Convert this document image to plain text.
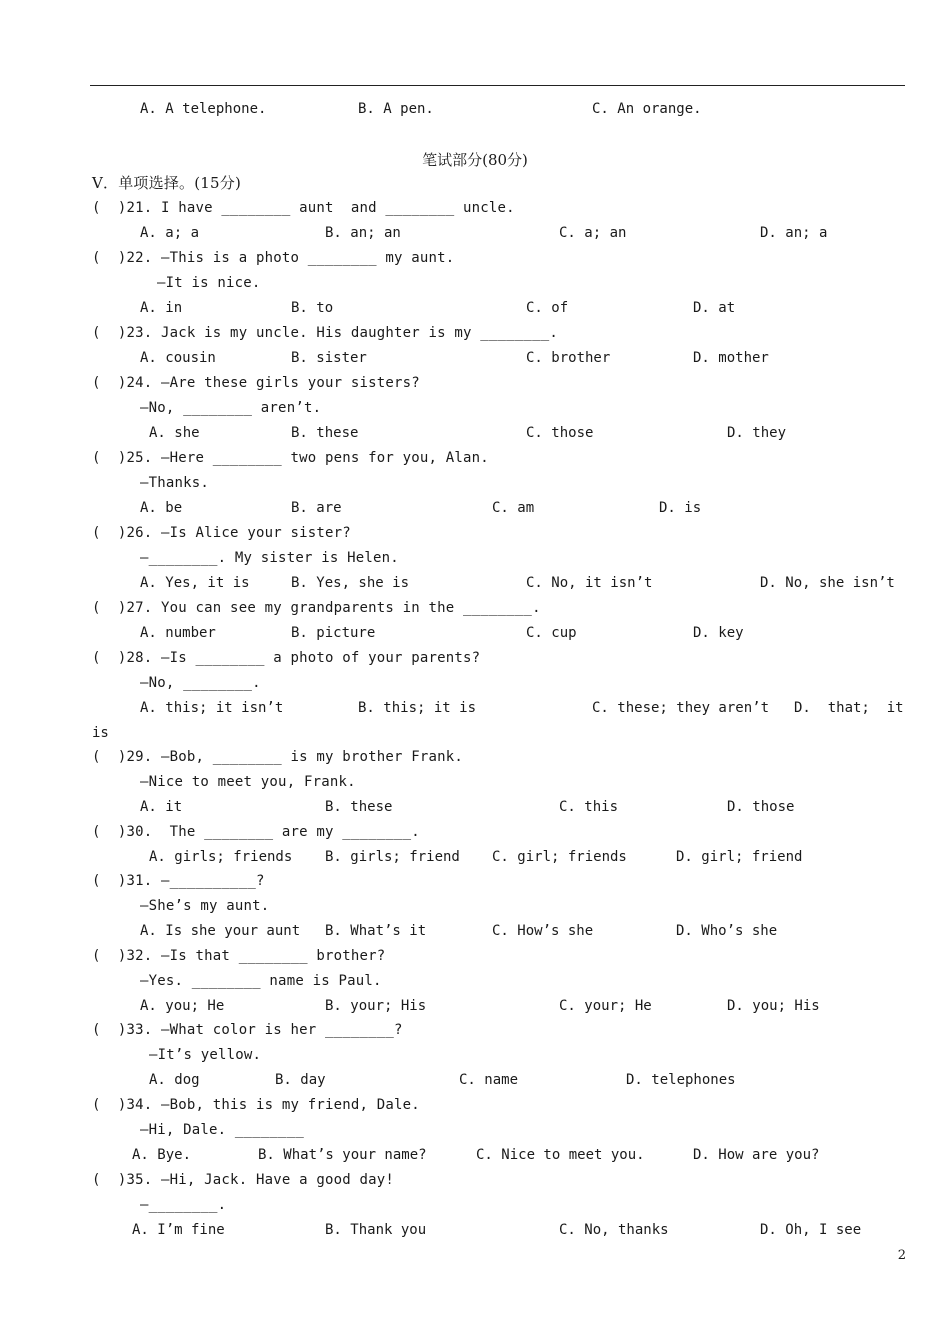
A. A telephone.	B. A pen.	C. An orange.
笔试部分(80分)
V．单项选择。(15分)
(  )21. I have ________ aunt  and ________ uncle.
A. a; a	B. an; an	C. a; an	D. an; a
(  )22. —This is a photo ________ my aunt.
—It is nice.
A. in	B. to	C. of	D. at
(  )23. Jack is my uncle. His daughter is my ________.
A. cousin	B. sister	C. brother	D. mother
(  )24. —Are these girls your sisters?
—No, ________ aren’t.
A. she	B. these	C. those	D. they
(  )25. —Here ________ two pens for you, Alan.
—Thanks.
A. be	B. are	C. am	D. is
(  )26. —Is Alice your sister?
—________. My sister is Helen.
A. Yes, it is	B. Yes, she is	C. No, it isn’t	D. No, she isn’t
(  )27. You can see my grandparents in the ________.
A. number	B. picture	C. cup	D. key
(  )28. —Is ________ a photo of your parents?
—No, ________.
A. this; it isn’t	B. this; it is	C. these; they aren’t D.  that;  it
is
(  )29. —Bob, ________ is my brother Frank.
—Nice to meet you, Frank.
A. it	B. these	C. this	D. those
(  )30.  The ________ are my ________.
A. girls; friends B. girls; friend C. girl; friends	D. girl; friend
(  )31. —__________?
—She’s my aunt.
A. Is she your aunt B. What’s it	C. How’s she	D. Who’s she
(  )32. —Is that ________ brother?
—Yes. ________ name is Paul.
A. you; He	B. your; His	C. your; He	D. you; His
(  )33. —What color is her ________?
—It’s yellow.
A. dog	B. day	C. name	D. telephones
(  )34. —Bob, this is my friend, Dale.
—Hi, Dale. ________
A. Bye.	B. What’s your name?	C. Nice to meet you.	D. How are you?
(  )35. —Hi, Jack. Have a good day!
—________.
A. I’m fine	B. Thank you	C. No, thanks	D. Oh, I see
2
